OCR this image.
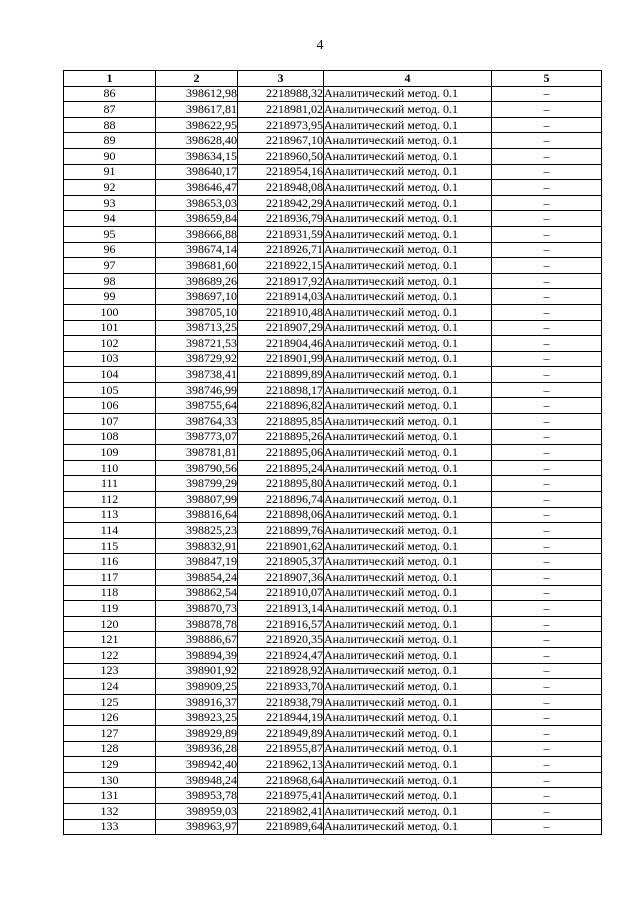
4
1	2	3	4	5
86	398612,98	2218988,32	Аналитический метод. 0.1	–
87	398617,81	2218981,02	Аналитический метод. 0.1	–
88	398622,95	2218973,95	Аналитический метод. 0.1	–
89	398628,40	2218967,10	Аналитический метод. 0.1	–
90	398634,15	2218960,50	Аналитический метод. 0.1	–
91	398640,17	2218954,16	Аналитический метод. 0.1	–
92	398646,47	2218948,08	Аналитический метод. 0.1	–
93	398653,03	2218942,29	Аналитический метод. 0.1	–
94	398659,84	2218936,79	Аналитический метод. 0.1	–
95	398666,88	2218931,59	Аналитический метод. 0.1	–
96	398674,14	2218926,71	Аналитический метод. 0.1	–
97	398681,60	2218922,15	Аналитический метод. 0.1	–
98	398689,26	2218917,92	Аналитический метод. 0.1	–
99	398697,10	2218914,03	Аналитический метод. 0.1	–
100	398705,10	2218910,48	Аналитический метод. 0.1	–
101	398713,25	2218907,29	Аналитический метод. 0.1	–
102	398721,53	2218904,46	Аналитический метод. 0.1	–
103	398729,92	2218901,99	Аналитический метод. 0.1	–
104	398738,41	2218899,89	Аналитический метод. 0.1	–
105	398746,99	2218898,17	Аналитический метод. 0.1	–
106	398755,64	2218896,82	Аналитический метод. 0.1	–
107	398764,33	2218895,85	Аналитический метод. 0.1	–
108	398773,07	2218895,26	Аналитический метод. 0.1	–
109	398781,81	2218895,06	Аналитический метод. 0.1	–
110	398790,56	2218895,24	Аналитический метод. 0.1	–
111	398799,29	2218895,80	Аналитический метод. 0.1	–
112	398807,99	2218896,74	Аналитический метод. 0.1	–
113	398816,64	2218898,06	Аналитический метод. 0.1	–
114	398825,23	2218899,76	Аналитический метод. 0.1	–
115	398832,91	2218901,62	Аналитический метод. 0.1	–
116	398847,19	2218905,37	Аналитический метод. 0.1	–
117	398854,24	2218907,36	Аналитический метод. 0.1	–
118	398862,54	2218910,07	Аналитический метод. 0.1	–
119	398870,73	2218913,14	Аналитический метод. 0.1	–
120	398878,78	2218916,57	Аналитический метод. 0.1	–
121	398886,67	2218920,35	Аналитический метод. 0.1	–
122	398894,39	2218924,47	Аналитический метод. 0.1	–
123	398901,92	2218928,92	Аналитический метод. 0.1	–
124	398909,25	2218933,70	Аналитический метод. 0.1	–
125	398916,37	2218938,79	Аналитический метод. 0.1	–
126	398923,25	2218944,19	Аналитический метод. 0.1	–
127	398929,89	2218949,89	Аналитический метод. 0.1	–
128	398936,28	2218955,87	Аналитический метод. 0.1	–
129	398942,40	2218962,13	Аналитический метод. 0.1	–
130	398948,24	2218968,64	Аналитический метод. 0.1	–
131	398953,78	2218975,41	Аналитический метод. 0.1	–
132	398959,03	2218982,41	Аналитический метод. 0.1	–
133	398963,97	2218989,64	Аналитический метод. 0.1	–
